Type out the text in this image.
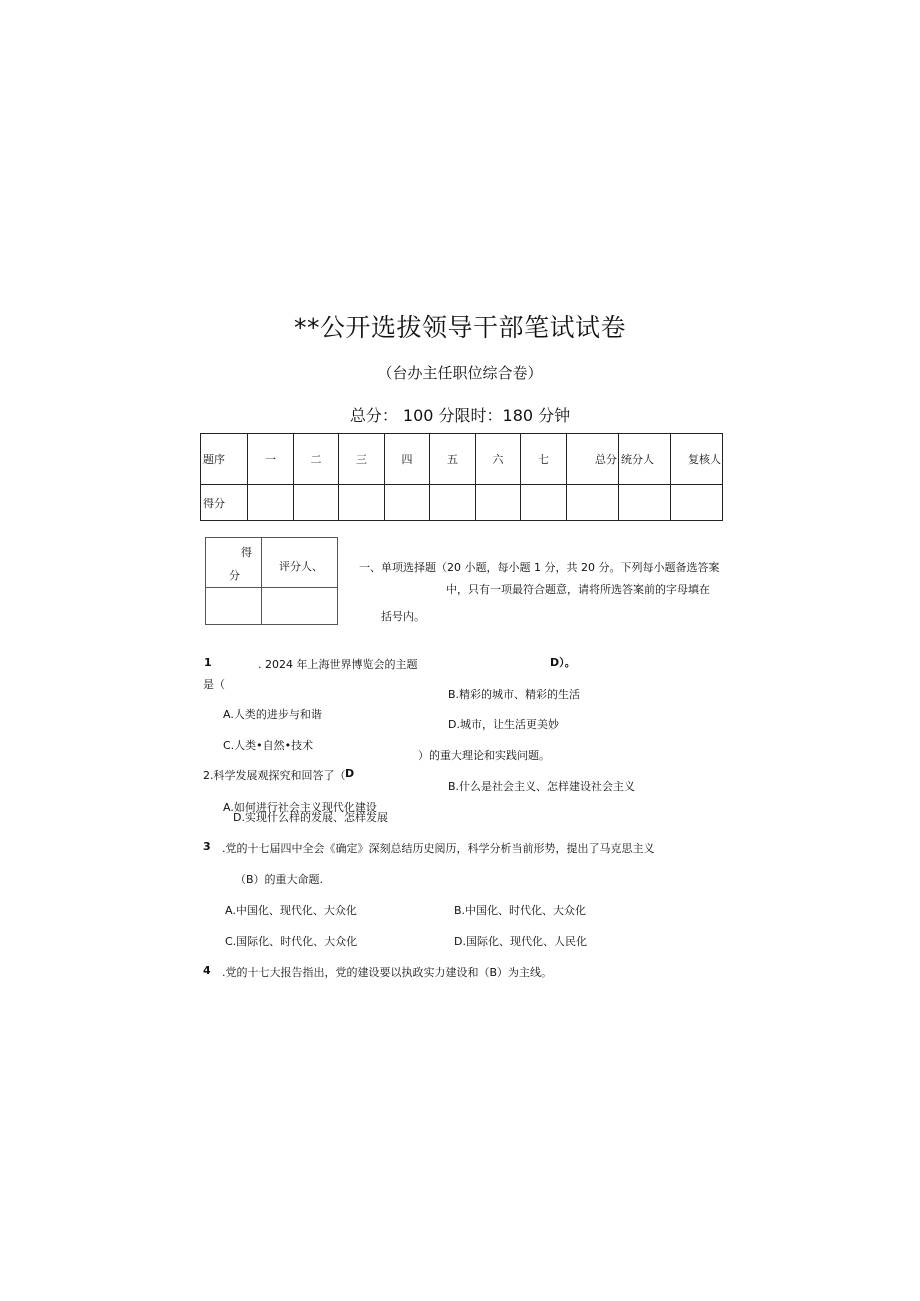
**公开选拔领导干部笔试试卷
（台办主任职位综合卷）
总分： 100 分限时：180 分钟
题序	一	二	三	四	五	六	七	总分	统分人	复核人
得分										
得
分
评分人、	一、单项选择题（20 小题，每小题 1 分，共 20 分。下列每小题备选答案
中，只有一项最符合题意，请将所选答案前的字母填在
括号内。
1	. 2024 年上海世界博览会的主题	D）。
是（
B.精彩的城市、精彩的生活
A.人类的进步与和谐
D.城市，让生活更美妙
C.人类•自然•技术
）的重大理论和实践问题。
2.科学发展观探究和回答了（ D
B.什么是社会主义、怎样建设社会主义
A.如何进行社会主义现代化建设
D.实现什么样的发展、怎样发展
3 .党的十七届四中全会《确定》深刻总结历史阅历，科学分析当前形势，提出了马克思主义
（B）的重大命题.
A.中国化、现代化、大众化	B.中国化、时代化、大众化
C.国际化、时代化、大众化	D.国际化、现代化、人民化
4 .党的十七大报告指出，党的建设要以执政实力建设和（B）为主线。
